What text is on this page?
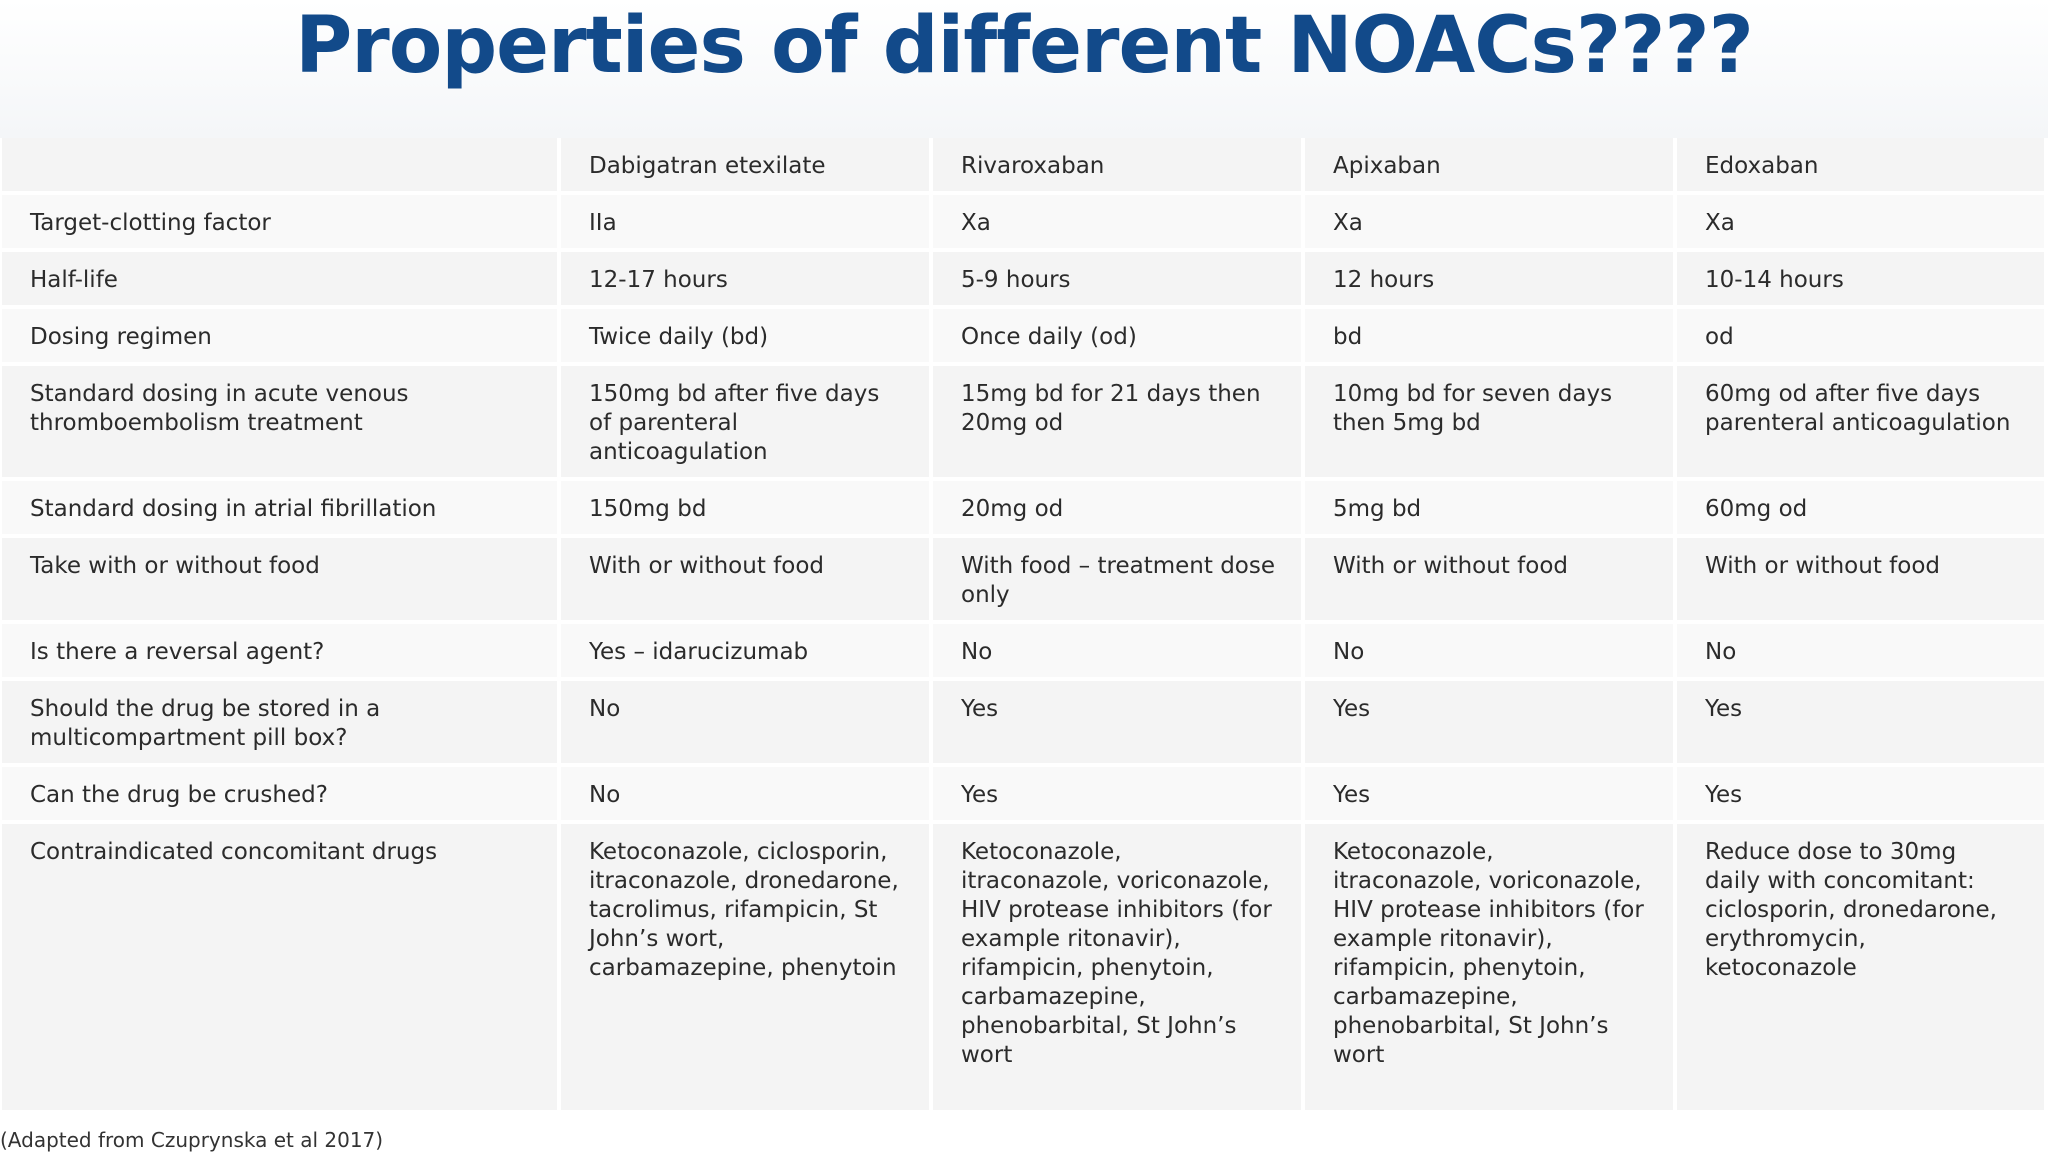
Properties of different NOACs????
	Dabigatran etexilate	Rivaroxaban	Apixaban	Edoxaban
Target-clotting factor	IIa	Xa	Xa	Xa
Half-life	12-17 hours	5-9 hours	12 hours	10-14 hours
Dosing regimen	Twice daily (bd)	Once daily (od)	bd	od
Standard dosing in acute venous thromboembolism treatment	150mg bd after five days of parenteral anticoagulation	15mg bd for 21 days then 20mg od	10mg bd for seven days then 5mg bd	60mg od after five days parenteral anticoagulation
Standard dosing in atrial fibrillation	150mg bd	20mg od	5mg bd	60mg od
Take with or without food	With or without food	With food – treatment dose only	With or without food	With or without food
Is there a reversal agent?	Yes – idarucizumab	No	No	No
Should the drug be stored in a multicompartment pill box?	No	Yes	Yes	Yes
Can the drug be crushed?	No	Yes	Yes	Yes
Contraindicated concomitant drugs	Ketoconazole, ciclosporin, itraconazole, dronedarone, tacrolimus, rifampicin, St John’s wort, carbamazepine, phenytoin	Ketoconazole, itraconazole, voriconazole, HIV protease inhibitors (for example ritonavir), rifampicin, phenytoin, carbamazepine, phenobarbital, St John’s wort	Ketoconazole, itraconazole, voriconazole, HIV protease inhibitors (for example ritonavir), rifampicin, phenytoin, carbamazepine, phenobarbital, St John’s wort	Reduce dose to 30mg daily with concomitant: ciclosporin, dronedarone, erythromycin, ketoconazole
(Adapted from Czuprynska et al 2017)
